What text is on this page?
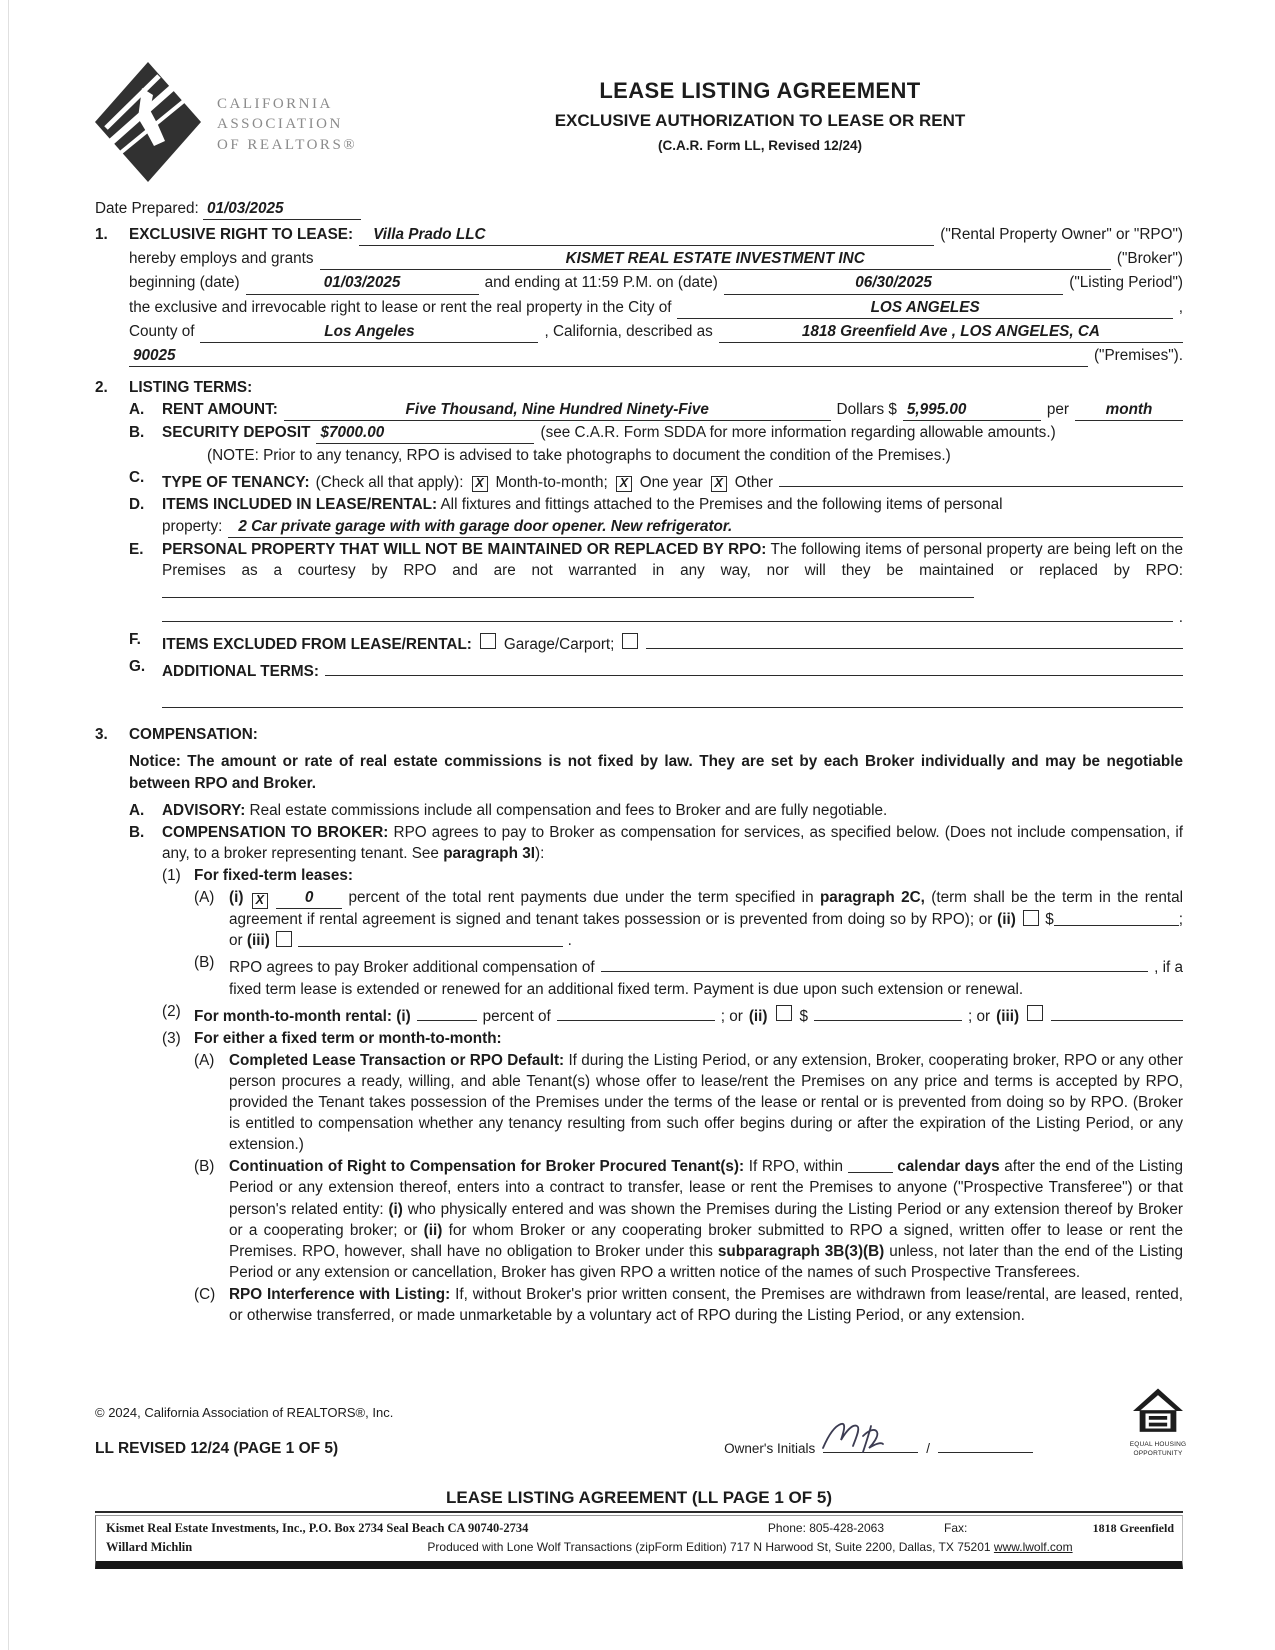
CALIFORNIA
ASSOCIATION
OF REALTORS®
LEASE LISTING AGREEMENT
EXCLUSIVE AUTHORIZATION TO LEASE OR RENT
(C.A.R. Form LL, Revised 12/24)
Date Prepared: 01/03/2025
1.	EXCLUSIVE RIGHT TO LEASE:	Villa Prado LLC	("Rental Property Owner" or "RPO")
hereby employs and grants	KISMET REAL ESTATE INVESTMENT INC	("Broker")
beginning (date)	01/03/2025	and ending at 11:59 P.M. on (date)	06/30/2025	("Listing Period")
the exclusive and irrevocable right to lease or rent the real property in the City of	LOS ANGELES	,
County of	Los Angeles	, California, described as	1818 Greenfield Ave , LOS ANGELES, CA
90025	("Premises").
2.	LISTING TERMS:
A.	RENT AMOUNT:	Five Thousand, Nine Hundred Ninety-Five	Dollars $ 5,995.00	per	month
B.	SECURITY DEPOSIT $7000.00	(see C.A.R. Form SDDA for more information regarding allowable amounts.)
(NOTE: Prior to any tenancy, RPO is advised to take photographs to document the condition of the Premises.)
C.	TYPE OF TENANCY: (Check all that apply): X Month-to-month; X One year X Other
D.	ITEMS INCLUDED IN LEASE/RENTAL: All fixtures and fittings attached to the Premises and the following items of personal
property:	2 Car private garage with with garage door opener. New refrigerator.
E.	PERSONAL PROPERTY THAT WILL NOT BE MAINTAINED OR REPLACED BY RPO: The following items of personal property are being left on the Premises as a courtesy by RPO and are not warranted in any way, nor will they be maintained or replaced by RPO:
.
F.	ITEMS EXCLUDED FROM LEASE/RENTAL: Garage/Carport;
G.	ADDITIONAL TERMS:
3.	COMPENSATION:
Notice: The amount or rate of real estate commissions is not fixed by law. They are set by each Broker individually and may be negotiable between RPO and Broker.
A.	ADVISORY: Real estate commissions include all compensation and fees to Broker and are fully negotiable.
B.	COMPENSATION TO BROKER: RPO agrees to pay to Broker as compensation for services, as specified below. (Does not include compensation, if any, to a broker representing tenant. See paragraph 3I):
(1) For fixed-term leases:
(A) (i) X	0 percent of the total rent payments due under the term specified in paragraph 2C, (term shall be the term in the rental agreement if rental agreement is signed and tenant takes possession or is prevented from doing so by RPO); or (ii) $	; or (iii)	.
(B) RPO agrees to pay Broker additional compensation of	, if a
fixed term lease is extended or renewed for an additional fixed term. Payment is due upon such extension or renewal.
(2) For month-to-month rental: (i)	percent of	; or (ii) $	; or (iii)
(3) For either a fixed term or month-to-month:
(A) Completed Lease Transaction or RPO Default: If during the Listing Period, or any extension, Broker, cooperating broker, RPO or any other person procures a ready, willing, and able Tenant(s) whose offer to lease/rent the Premises on any price and terms is accepted by RPO, provided the Tenant takes possession of the Premises under the terms of the lease or rental or is prevented from doing so by RPO. (Broker is entitled to compensation whether any tenancy resulting from such offer begins during or after the expiration of the Listing Period, or any extension.)
(B) Continuation of Right to Compensation for Broker Procured Tenant(s): If RPO, within	calendar days after the end of the Listing Period or any extension thereof, enters into a contract to transfer, lease or rent the Premises to anyone ("Prospective Transferee") or that person's related entity: (i) who physically entered and was shown the Premises during the Listing Period or any extension thereof by Broker or a cooperating broker; or (ii) for whom Broker or any cooperating broker submitted to RPO a signed, written offer to lease or rent the Premises. RPO, however, shall have no obligation to Broker under this subparagraph 3B(3)(B) unless, not later than the end of the Listing Period or any extension or cancellation, Broker has given RPO a written notice of the names of such Prospective Transferees.
(C) RPO Interference with Listing: If, without Broker's prior written consent, the Premises are withdrawn from lease/rental, are leased, rented, or otherwise transferred, or made unmarketable by a voluntary act of RPO during the Listing Period, or any extension.
© 2024, California Association of REALTORS®, Inc.
LL REVISED 12/24 (PAGE 1 OF 5)	Owner's Initials	/	EQUAL HOUSING
OPPORTUNITY
LEASE LISTING AGREEMENT (LL PAGE 1 OF 5)
Kismet Real Estate Investments, Inc., P.O. Box 2734 Seal Beach CA 90740-2734	Phone: 805-428-2063	Fax:	1818 Greenfield
Willard Michlin	Produced with Lone Wolf Transactions (zipForm Edition) 717 N Harwood St, Suite 2200, Dallas, TX 75201 www.lwolf.com
